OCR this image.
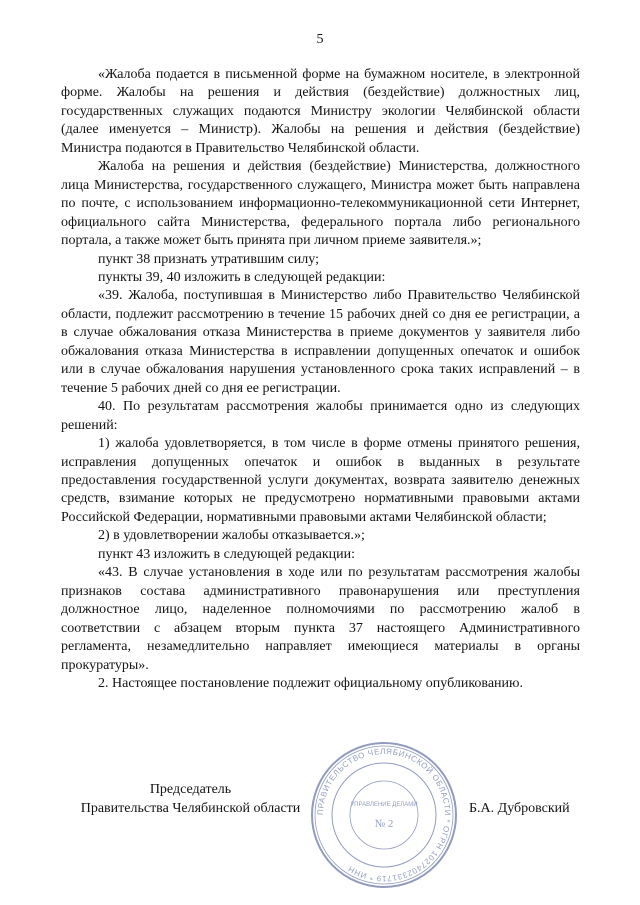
5

«Жалоба подается в письменной форме на бумажном носителе, в электронной форме. Жалобы на решения и действия (бездействие) должностных лиц, государственных служащих подаются Министру экологии Челябинской области (далее именуется – Министр). Жалобы на решения и действия (бездействие) Министра подаются в Правительство Челябинской области.

Жалоба на решения и действия (бездействие) Министерства, должностного лица Министерства, государственного служащего, Министра может быть направлена по почте, с использованием информационно-телекоммуникационной сети Интернет, официального сайта Министерства, федерального портала либо регионального портала, а также может быть принята при личном приеме заявителя.»;

пункт 38 признать утратившим силу;

пункты 39, 40 изложить в следующей редакции:

«39. Жалоба, поступившая в Министерство либо Правительство Челябинской области, подлежит рассмотрению в течение 15 рабочих дней со дня ее регистрации, а в случае обжалования отказа Министерства в приеме документов у заявителя либо обжалования отказа Министерства в исправлении допущенных опечаток и ошибок или в случае обжалования нарушения установленного срока таких исправлений – в течение 5 рабочих дней со дня ее регистрации.

40. По результатам рассмотрения жалобы принимается одно из следующих решений:

1) жалоба удовлетворяется, в том числе в форме отмены принятого решения, исправления допущенных опечаток и ошибок в выданных в результате предоставления государственной услуги документах, возврата заявителю денежных средств, взимание которых не предусмотрено нормативными правовыми актами Российской Федерации, нормативными правовыми актами Челябинской области;

2) в удовлетворении жалобы отказывается.»;

пункт 43 изложить в следующей редакции:

«43. В случае установления в ходе или по результатам рассмотрения жалобы признаков состава административного правонарушения или преступления должностное лицо, наделенное полномочиями по рассмотрению жалоб в соответствии с абзацем вторым пункта 37 настоящего Административного регламента, незамедлительно направляет имеющиеся материалы в органы прокуратуры».

2. Настоящее постановление подлежит официальному опубликованию.

Председатель
Правительства Челябинской области	ПРАВИТЕЛЬСТВО ЧЕЛЯБИНСКОЙ ОБЛАСТИ * ОГРН 1027402331719 * ИНН
УПРАВЛЕНИЕ ДЕЛАМИ
№ 2
Б.А. Дубровский
